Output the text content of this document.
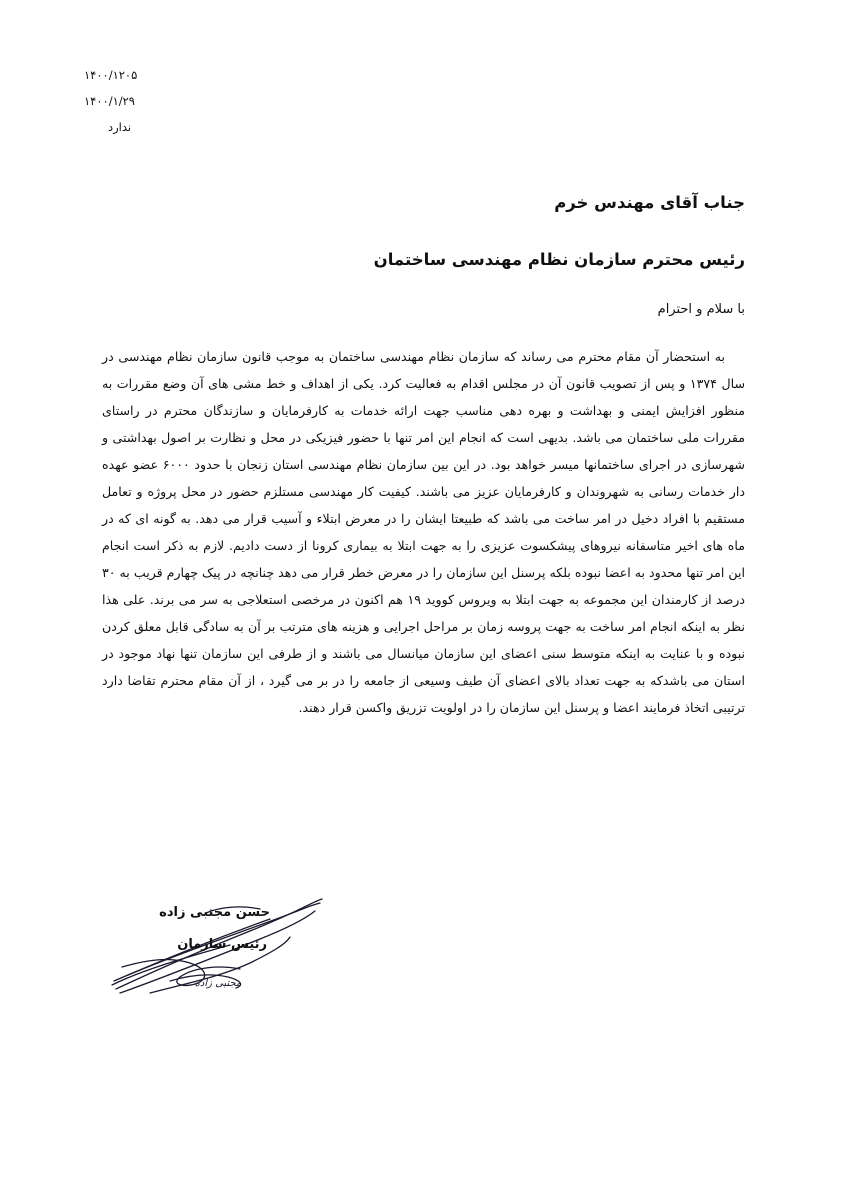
۱۴۰۰/۱۲۰۵
۱۴۰۰/۱/۲۹
ندارد
جناب آقای مهندس خرم
رئیس محترم سازمان نظام مهندسی ساختمان
با سلام و احترام

به استحضار آن مقام محترم می رساند که سازمان نظام مهندسی ساختمان به موجب قانون سازمان نظام مهندسی در سال ۱۳۷۴ و پس از تصویب قانون آن در مجلس اقدام به فعالیت کرد. یکی از اهداف و خط مشی های آن وضع مقررات به منظور افزایش ایمنی و بهداشت و بهره دهی مناسب جهت ارائه خدمات به کارفرمایان و سازندگان محترم در راستای مقررات ملی ساختمان می باشد. بدیهی است که انجام این امر تنها با حضور فیزیکی در محل و نظارت بر اصول بهداشتی و شهرسازی در اجرای ساختمانها میسر خواهد بود. در این بین سازمان نظام مهندسی استان زنجان با حدود ۶۰۰۰ عضو عهده دار خدمات رسانی به شهروندان و کارفرمایان عزیز می باشند. کیفیت کار مهندسی مستلزم حضور در محل پروژه و تعامل مستقیم با افراد دخیل در امر ساخت می باشد که طبیعتا ایشان را در معرض ابتلاء و آسیب قرار می دهد. به گونه ای که در ماه های اخیر متاسفانه نیروهای پیشکسوت عزیزی را به جهت ابتلا به بیماری کرونا از دست دادیم. لازم به ذکر است انجام این امر تنها محدود به اعضا نبوده بلکه پرسنل این سازمان را در معرض خطر قرار می دهد چنانچه در پیک چهارم قریب به ۳۰ درصد از کارمندان این مجموعه به جهت ابتلا به ویروس کووید ۱۹ هم اکنون در مرخصی استعلاجی به سر می برند. علی هذا نظر به اینکه انجام امر ساخت به جهت پروسه زمان بر مراحل اجرایی و هزینه های مترتب بر آن به سادگی قابل معلق کردن نبوده و با عنایت به اینکه متوسط سنی اعضای این سازمان میانسال می باشند و از طرفی این سازمان تنها نهاد موجود در استان می باشدکه به جهت تعداد بالای اعضای آن طیف وسیعی از جامعه را در بر می گیرد ، از آن مقام محترم تقاضا دارد ترتیبی اتخاذ فرمایند اعضا و پرسنل این سازمان را در اولویت تزریق واکسن قرار دهند.

مجتبی زاده
حسن مجتبی زاده
رئیس سازمان
